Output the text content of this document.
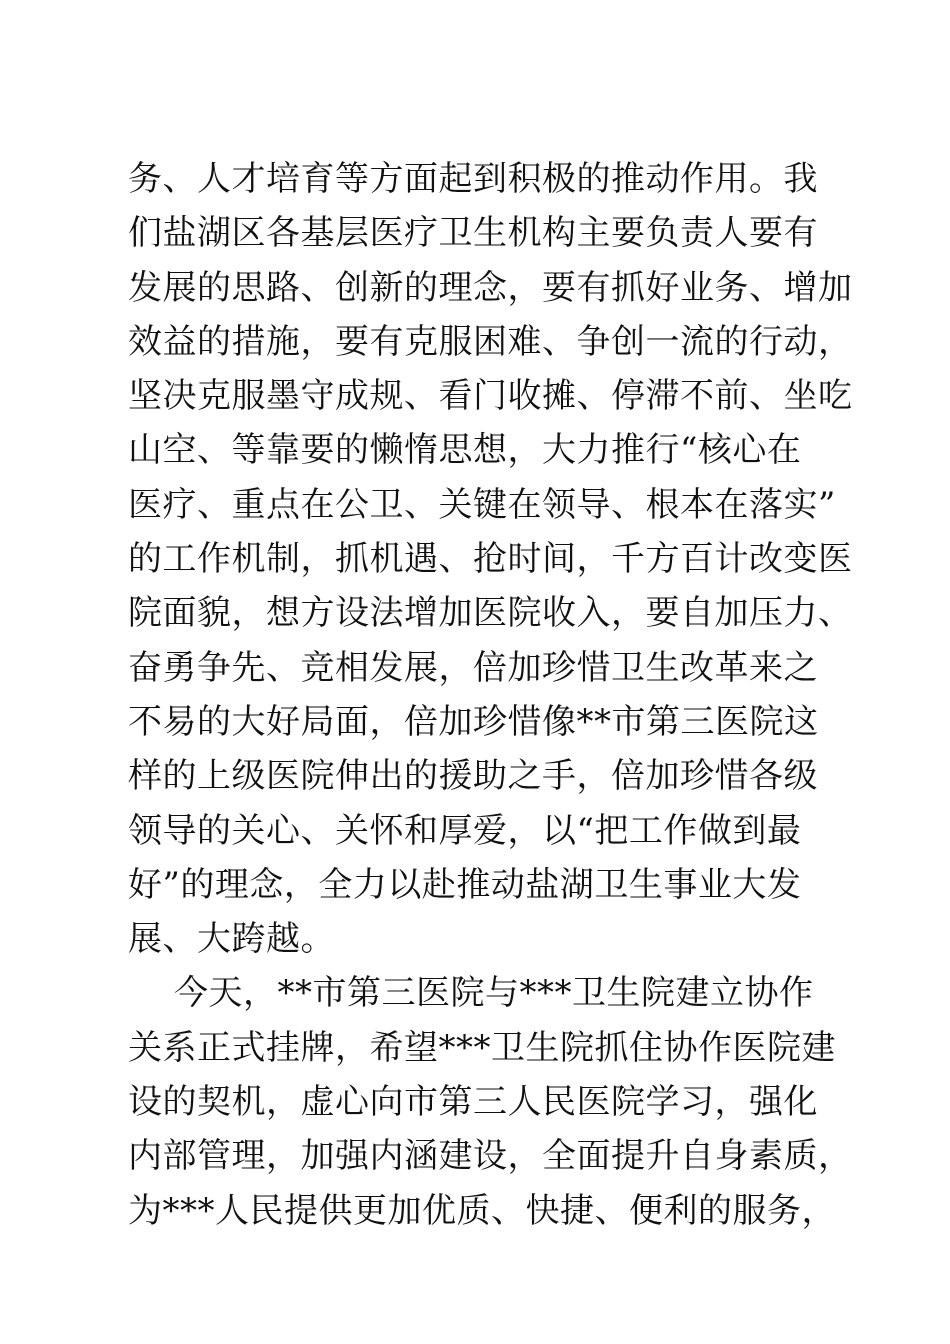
务、人才培育等方面起到积极的推动作用。我
们盐湖区各基层医疗卫生机构主要负责人要有
发展的思路、创新的理念，要有抓好业务、增加
效益的措施，要有克服困难、争创一流的行动，
坚决克服墨守成规、看门收摊、停滞不前、坐吃
山空、等靠要的懒惰思想，大力推行“核心在
医疗、重点在公卫、关键在领导、根本在落实”
的工作机制，抓机遇、抢时间，千方百计改变医
院面貌，想方设法增加医院收入，要自加压力、
奋勇争先、竞相发展，倍加珍惜卫生改革来之
不易的大好局面，倍加珍惜像**市第三医院这
样的上级医院伸出的援助之手，倍加珍惜各级
领导的关心、关怀和厚爱，以“把工作做到最
好”的理念，全力以赴推动盐湖卫生事业大发
展、大跨越。
今天，**市第三医院与***卫生院建立协作
关系正式挂牌，希望***卫生院抓住协作医院建
设的契机，虚心向市第三人民医院学习，强化
内部管理，加强内涵建设，全面提升自身素质，
为***人民提供更加优质、快捷、便利的服务，
